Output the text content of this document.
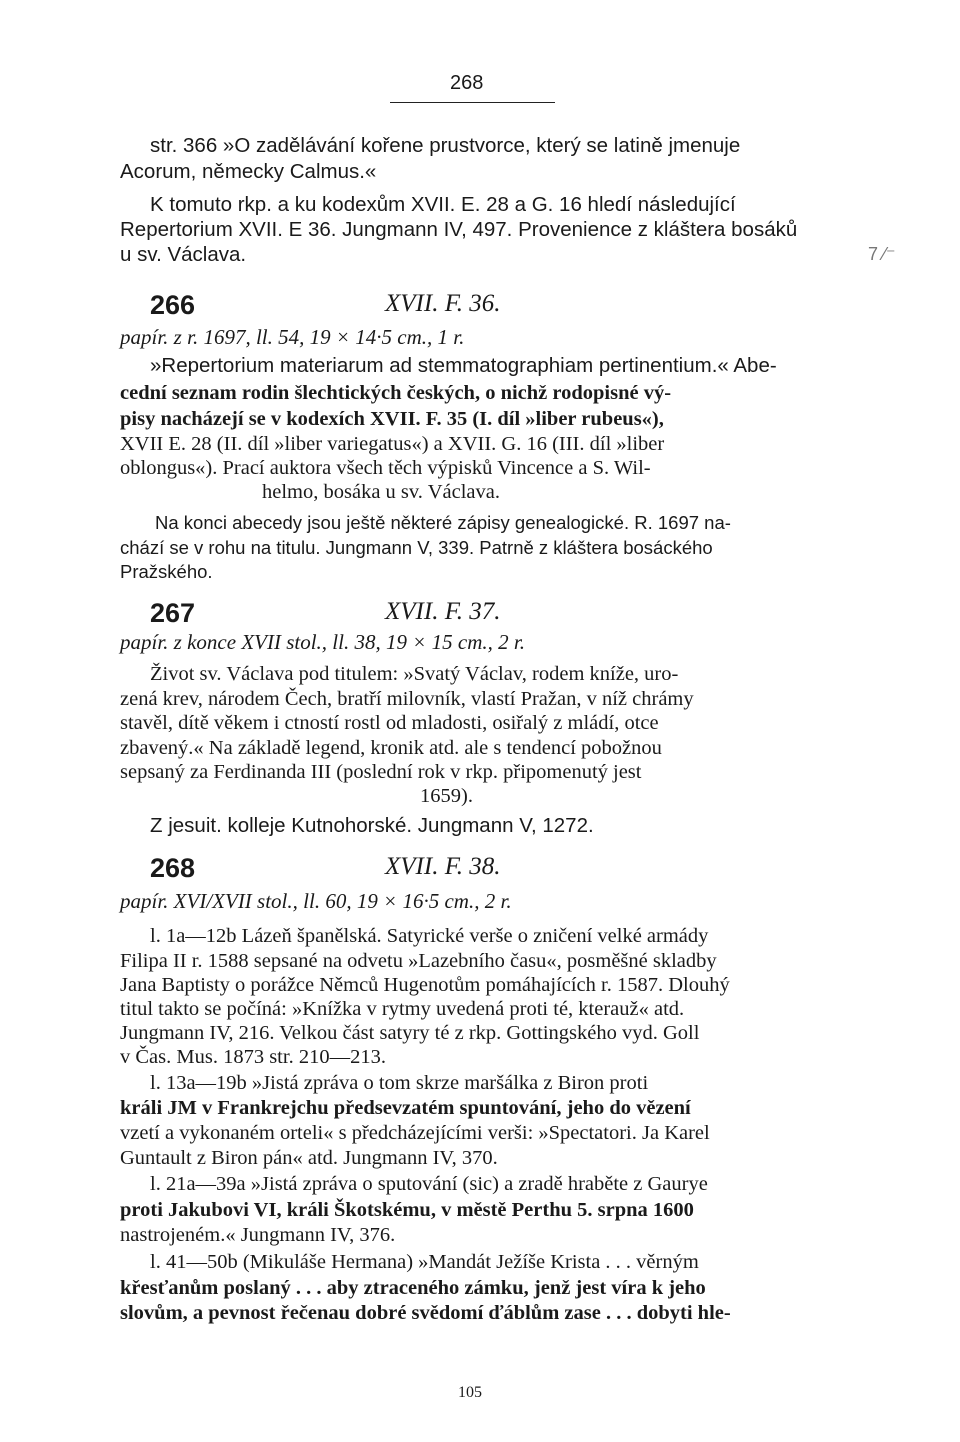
268
str. 366 »O zadělávání kořene prustvorce, který se latině jmenuje
Acorum, německy Calmus.«
K tomuto rkp. a ku kodexům XVII. E. 28 a G. 16 hledí následující
Repertorium XVII. E 36. Jungmann IV, 497. Provenience z kláštera bosáků
u sv. Václava.	7 ⁄⁻
266	XVII. F. 36.
papír. z r. 1697, ll. 54, 19 × 14·5 cm., 1 r.
»Repertorium materiarum ad stemmatographiam pertinentium.« Abe-
cední seznam rodin šlechtických českých, o nichž rodopisné vý-
pisy nacházejí se v kodexích XVII. F. 35 (I. díl »liber rubeus«),
XVII E. 28 (II. díl »liber variegatus«) a XVII. G. 16 (III. díl »liber
oblongus«). Prací auktora všech těch výpisků Vincence a S. Wil-
helmo, bosáka u sv. Václava.
Na konci abecedy jsou ještě některé zápisy genealogické. R. 1697 na-
chází se v rohu na titulu. Jungmann V, 339. Patrně z kláštera bosáckého
Pražského.
267	XVII. F. 37.
papír. z konce XVII stol., ll. 38, 19 × 15 cm., 2 r.
Život sv. Václava pod titulem: »Svatý Václav, rodem kníže, uro-
zená krev, národem Čech, bratří milovník, vlastí Pražan, v níž chrámy
stavěl, dítě věkem i ctností rostl od mladosti, osiřalý z mládí, otce
zbavený.« Na základě legend, kronik atd. ale s tendencí pobožnou
sepsaný za Ferdinanda III (poslední rok v rkp. připomenutý jest
1659).
Z jesuit. kolleje Kutnohorské. Jungmann V, 1272.
268	XVII. F. 38.
papír. XVI/XVII stol., ll. 60, 19 × 16·5 cm., 2 r.
l. 1a—12b Lázeň španělská. Satyrické verše o zničení velké armády
Filipa II r. 1588 sepsané na odvetu »Lazebního času«, posměšné skladby
Jana Baptisty o porážce Němců Hugenotům pomáhajících r. 1587. Dlouhý
titul takto se počíná: »Knížka v rytmy uvedená proti té, kterauž« atd.
Jungmann IV, 216. Velkou část satyry té z rkp. Gottingského vyd. Goll
v Čas. Mus. 1873 str. 210—213.
l. 13a—19b »Jistá zpráva o tom skrze maršálka z Biron proti
králi JM v Frankrejchu předsevzatém spuntování, jeho do vězení
vzetí a vykonaném orteli« s předcházejícími verši: »Spectatori. Ja Karel
Guntault z Biron pán« atd. Jungmann IV, 370.
l. 21a—39a »Jistá zpráva o sputování (sic) a zradě hraběte z Gaurye
proti Jakubovi VI, králi Škotskému, v městě Perthu 5. srpna 1600
nastrojeném.« Jungmann IV, 376.
l. 41—50b (Mikuláše Hermana) »Mandát Ježíše Krista . . . věrným
křesťanům poslaný . . . aby ztraceného zámku, jenž jest víra k jeho
slovům, a pevnost řečenau dobré svědomí ďáblům zase . . . dobyti hle-
105
